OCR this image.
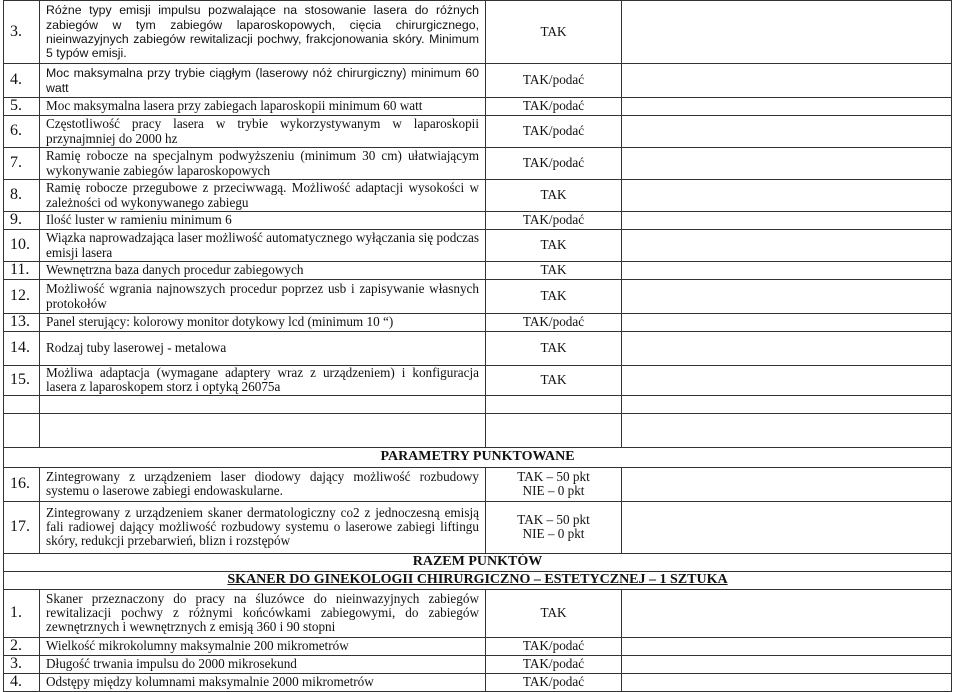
3.	Różne typy emisji impulsu pozwalające na stosowanie lasera do różnych zabiegów w tym zabiegów laparoskopowych, cięcia chirurgicznego, nieinwazyjnych zabiegów rewitalizacji pochwy, frakcjonowania skóry. Minimum 5 typów emisji.	TAK	
4.	Moc maksymalna przy trybie ciągłym (laserowy nóż chirurgiczny) minimum 60 watt	TAK/podać	
5.	Moc maksymalna lasera przy zabiegach laparoskopii minimum 60 watt	TAK/podać	
6.	Częstotliwość pracy lasera w trybie wykorzystywanym w laparoskopii przynajmniej do 2000 hz	TAK/podać	
7.	Ramię robocze na specjalnym podwyższeniu (minimum 30 cm) ułatwiającym wykonywanie zabiegów laparoskopowych	TAK/podać	
8.	Ramię robocze przegubowe z przeciwwagą. Możliwość adaptacji wysokości w zależności od wykonywanego zabiegu	TAK	
9.	Ilość luster w ramieniu minimum 6	TAK/podać	
10.	Wiązka naprowadzająca laser możliwość automatycznego wyłączania się podczas emisji lasera	TAK	
11.	Wewnętrzna baza danych procedur zabiegowych	TAK	
12.	Możliwość wgrania najnowszych procedur poprzez usb i zapisywanie własnych protokołów	TAK	
13.	Panel sterujący: kolorowy monitor dotykowy lcd (minimum 10 “)	TAK/podać	
14.	Rodzaj tuby laserowej - metalowa	TAK	
15.	Możliwa adaptacja (wymagane adaptery wraz z urządzeniem) i konfiguracja lasera z laparoskopem storz i optyką 26075a	TAK	

PARAMETRY PUNKTOWANE			
16.	Zintegrowany z urządzeniem laser diodowy dający możliwość rozbudowy systemu o laserowe zabiegi endowaskularne.	TAK – 50 pkt
NIE – 0 pkt	

17.	Zintegrowany z urządzeniem skaner dermatologiczny co2 z jednoczesną emisją fali radiowej dający możliwość rozbudowy systemu o laserowe zabiegi liftingu skóry, redukcji przebarwień, blizn i rozstępów	TAK – 50 pkt
NIE – 0 pkt	

RAZEM PUNKTÓW			
SKANER DO GINEKOLOGII CHIRURGICZNO – ESTETYCZNEJ – 1 SZTUKA			
1.	Skaner przeznaczony do pracy na śluzówce do nieinwazyjnych zabiegów rewitalizacji pochwy z różnymi końcówkami zabiegowymi, do zabiegów zewnętrznych i wewnętrznych z emisją 360 i 90 stopni	TAK	
2.	Wielkość mikrokolumny maksymalnie 200 mikrometrów	TAK/podać	
3.	Długość trwania impulsu do 2000 mikrosekund	TAK/podać	
4.	Odstępy między kolumnami maksymalnie 2000 mikrometrów	TAK/podać	
